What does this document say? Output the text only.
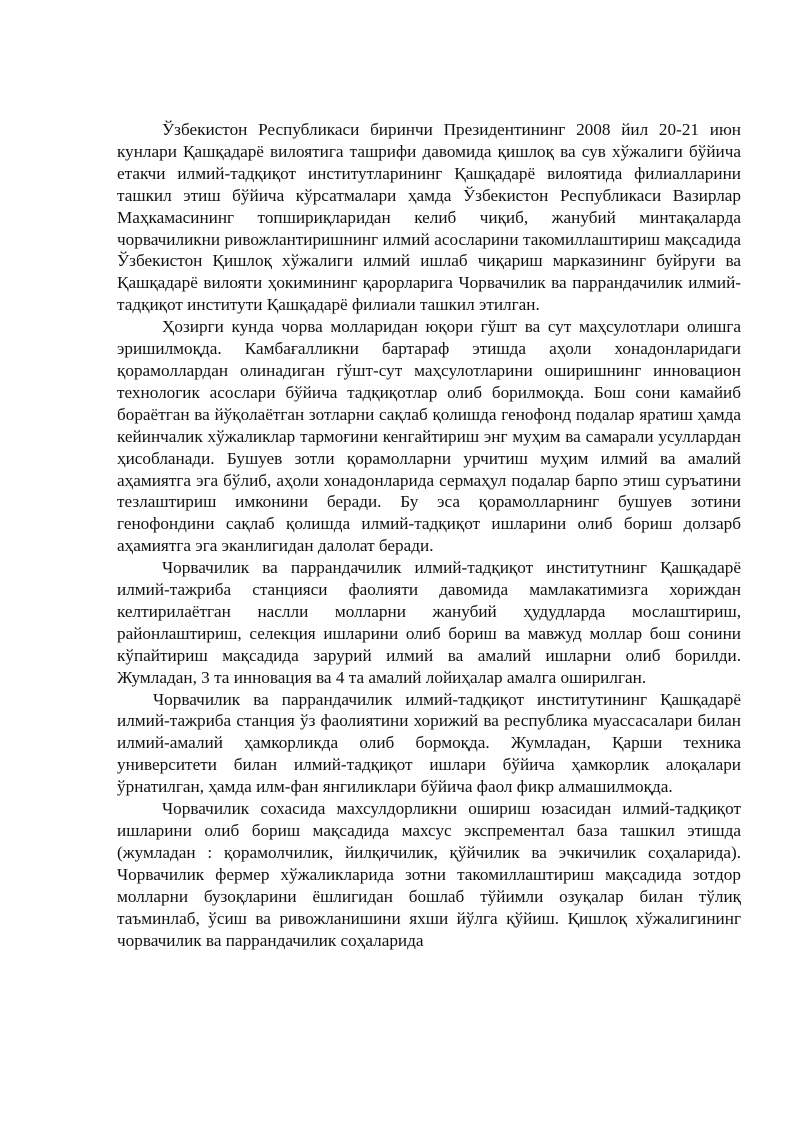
Ўзбекистон Республикаси биринчи Президентининг 2008 йил 20-21 июн кунлари Қашқадарё вилоятига ташрифи давомида қишлоқ ва сув хўжалиги бўйича етакчи илмий-тадқиқот институтларининг Қашқадарё вилоятида филиалларини ташкил этиш бўйича кўрсатмалари ҳамда Ўзбекистон Республикаси Вазирлар Маҳкамасининг топшириқларидан келиб чиқиб, жанубий минтақаларда чорвачиликни ривожлантиришнинг илмий асосларини такомиллаштириш мақсадида Ўзбекистон Қишлоқ хўжалиги илмий ишлаб чиқариш марказининг буйруғи ва Қашқадарё вилояти ҳокимининг қарорларига Чорвачилик ва паррандачилик илмий-тадқиқот институти Қашқадарё филиали ташкил этилган.

Ҳозирги кунда чорва молларидан юқори гўшт ва сут маҳсулотлари олишга эришилмоқда. Камбағалликни бартараф этишда аҳоли хонадонларидаги қорамоллардан олинадиган гўшт-сут маҳсулотларини оширишнинг инновацион технологик асослари бўйича тадқиқотлар олиб борилмоқда. Бош сони камайиб бораётган ва йўқолаётган зотларни сақлаб қолишда генофонд подалар яратиш ҳамда кейинчалик хўжаликлар тармоғини кенгайтириш энг муҳим ва самарали усуллардан ҳисобланади. Бушуев зотли қорамолларни урчитиш муҳим илмий ва амалий аҳамиятга эга бўлиб, аҳоли хонадонларида сермаҳул подалар барпо этиш суръатини тезлаштириш имконини беради. Бу эса қорамолларнинг бушуев зотини генофондини сақлаб қолишда илмий-тадқиқот ишларини олиб бориш долзарб аҳамиятга эга эканлигидан далолат беради.

Чорвачилик ва паррандачилик илмий-тадқиқот институтнинг Қашқадарё илмий-тажриба станцияси фаолияти давомида мамлакатимизга хориждан келтирилаётган наслли молларни жанубий ҳудудларда мослаштириш, районлаштириш, селекция ишларини олиб бориш ва мавжуд моллар бош сонини кўпайтириш мақсадида зарурий илмий ва амалий ишларни олиб борилди. Жумладан, 3 та инновация ва 4 та амалий лойиҳалар амалга оширилган.

Чорвачилик ва паррандачилик илмий-тадқиқот институтининг Қашқадарё илмий-тажриба станция ўз фаолиятини хорижий ва республика муассасалари билан илмий-амалий ҳамкорликда олиб бормоқда. Жумладан, Қарши техника университети билан илмий-тадқиқот ишлари бўйича ҳамкорлик алоқалари ўрнатилган, ҳамда илм-фан янгиликлари бўйича фаол фикр алмашилмоқда.

Чорвачилик сохасида махсулдорликни ошириш юзасидан илмий-тадқиқот ишларини олиб бориш мақсадида махсус экспрементал база ташкил этишда (жумладан : қорамолчилик, йилқичилик, қўйчилик ва эчкичилик соҳаларида). Чорвачилик фермер хўжаликларида зотни такомиллаштириш мақсадида зотдор молларни бузоқларини ёшлигидан бошлаб тўйимли озуқалар билан тўлиқ таъминлаб, ўсиш ва ривожланишини яхши йўлга қўйиш. Қишлоқ хўжалигининг чорвачилик ва паррандачилик соҳаларида
